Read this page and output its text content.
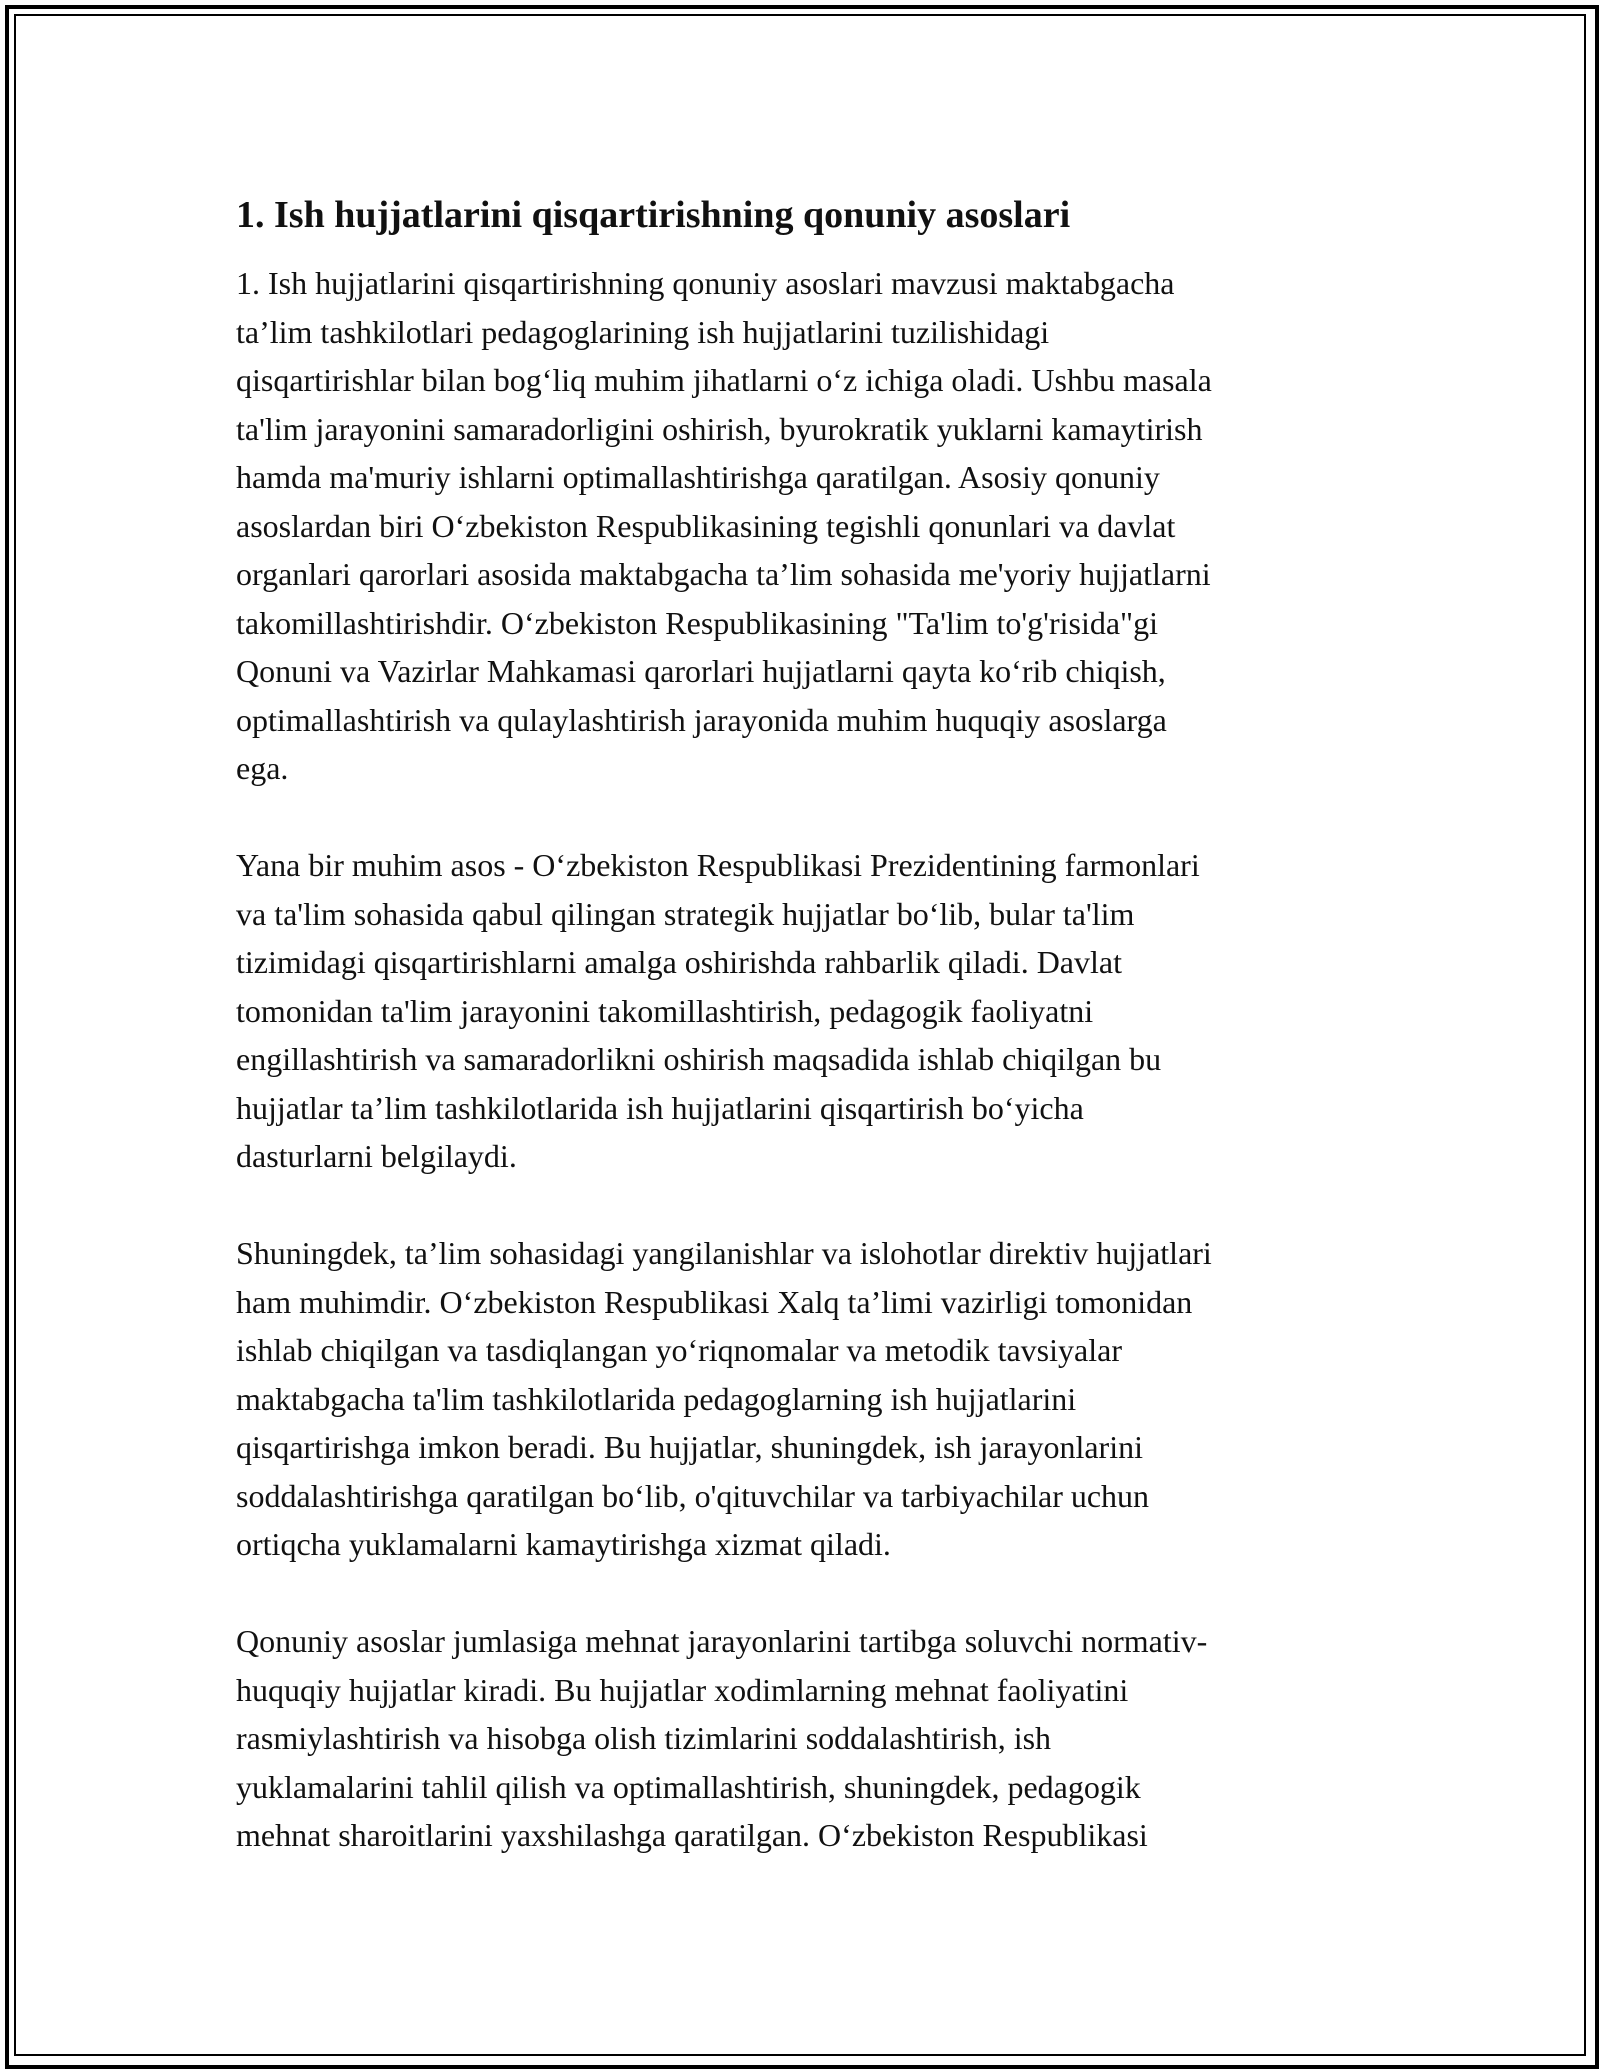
1. Ish hujjatlarini qisqartirishning qonuniy asoslari

1. Ish hujjatlarini qisqartirishning qonuniy asoslari mavzusi maktabgacha
ta’lim tashkilotlari pedagoglarining ish hujjatlarini tuzilishidagi
qisqartirishlar bilan bog‘liq muhim jihatlarni o‘z ichiga oladi. Ushbu masala
ta'lim jarayonini samaradorligini oshirish, byurokratik yuklarni kamaytirish
hamda ma'muriy ishlarni optimallashtirishga qaratilgan. Asosiy qonuniy
asoslardan biri O‘zbekiston Respublikasining tegishli qonunlari va davlat
organlari qarorlari asosida maktabgacha ta’lim sohasida me'yoriy hujjatlarni
takomillashtirishdir. O‘zbekiston Respublikasining "Ta'lim to'g'risida"gi
Qonuni va Vazirlar Mahkamasi qarorlari hujjatlarni qayta ko‘rib chiqish,
optimallashtirish va qulaylashtirish jarayonida muhim huquqiy asoslarga
ega.

Yana bir muhim asos - O‘zbekiston Respublikasi Prezidentining farmonlari
va ta'lim sohasida qabul qilingan strategik hujjatlar bo‘lib, bular ta'lim
tizimidagi qisqartirishlarni amalga oshirishda rahbarlik qiladi. Davlat
tomonidan ta'lim jarayonini takomillashtirish, pedagogik faoliyatni
engillashtirish va samaradorlikni oshirish maqsadida ishlab chiqilgan bu
hujjatlar ta’lim tashkilotlarida ish hujjatlarini qisqartirish bo‘yicha
dasturlarni belgilaydi.

Shuningdek, ta’lim sohasidagi yangilanishlar va islohotlar direktiv hujjatlari
ham muhimdir. O‘zbekiston Respublikasi Xalq ta’limi vazirligi tomonidan
ishlab chiqilgan va tasdiqlangan yo‘riqnomalar va metodik tavsiyalar
maktabgacha ta'lim tashkilotlarida pedagoglarning ish hujjatlarini
qisqartirishga imkon beradi. Bu hujjatlar, shuningdek, ish jarayonlarini
soddalashtirishga qaratilgan bo‘lib, o'qituvchilar va tarbiyachilar uchun
ortiqcha yuklamalarni kamaytirishga xizmat qiladi.

Qonuniy asoslar jumlasiga mehnat jarayonlarini tartibga soluvchi normativ-
huquqiy hujjatlar kiradi. Bu hujjatlar xodimlarning mehnat faoliyatini
rasmiylashtirish va hisobga olish tizimlarini soddalashtirish, ish
yuklamalarini tahlil qilish va optimallashtirish, shuningdek, pedagogik
mehnat sharoitlarini yaxshilashga qaratilgan. O‘zbekiston Respublikasi
